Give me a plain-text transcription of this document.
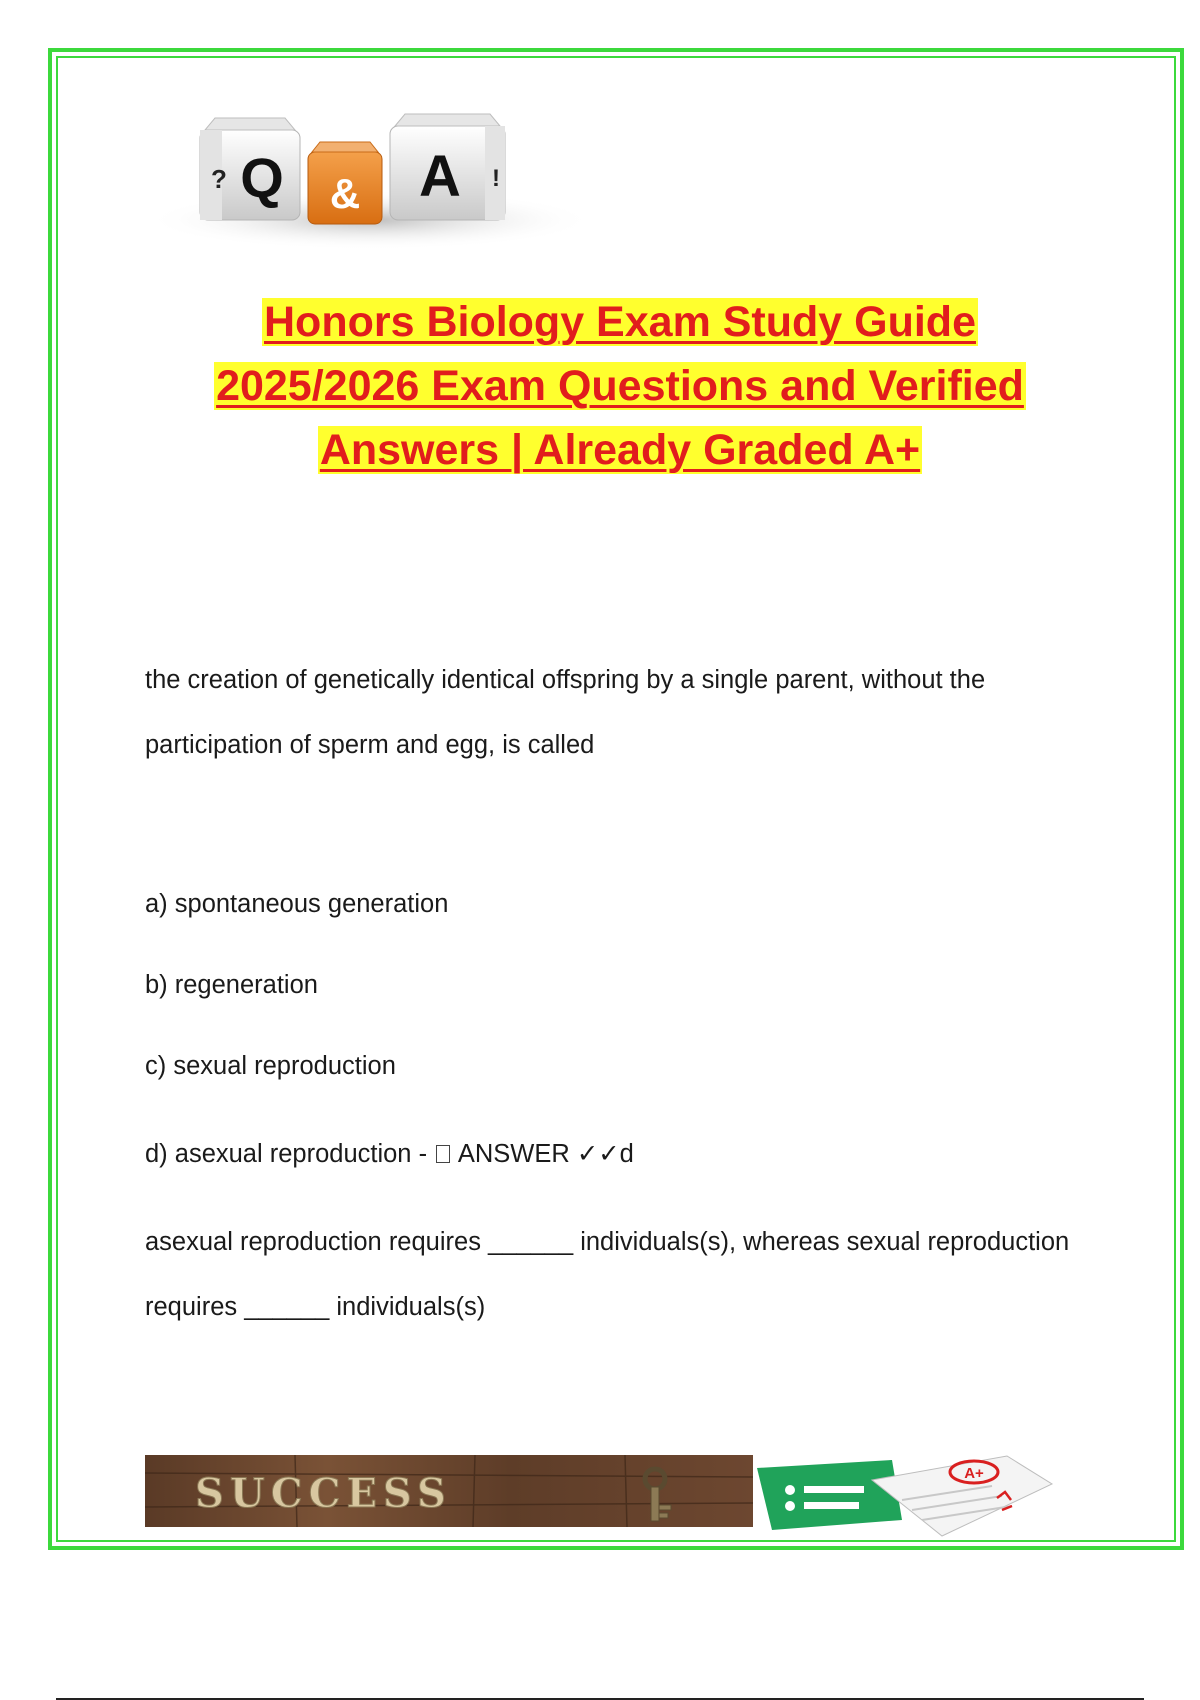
? Q & A !
Honors Biology Exam Study Guide
2025/2026 Exam Questions and Verified
Answers | Already Graded A+
the creation of genetically identical offspring by a single parent, without the participation of sperm and egg, is called
a) spontaneous generation
b) regeneration
c) sexual reproduction
d) asexual reproduction -  ANSWER ✓✓d
asexual reproduction requires ______ individuals(s), whereas sexual reproduction requires ______ individuals(s)
SUCCESS	A+
